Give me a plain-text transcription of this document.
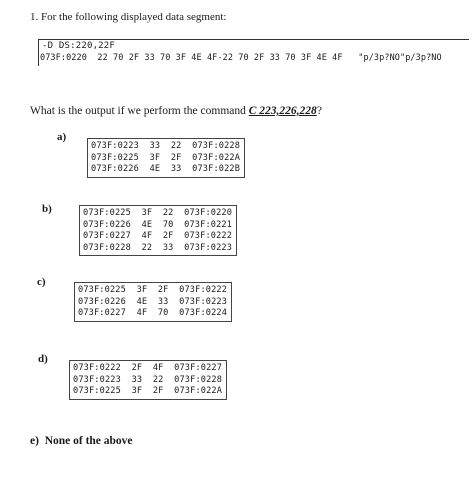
1. For the following displayed data segment:
-D DS:220,22F
073F:0220  22 70 2F 33 70 3F 4E 4F-22 70 2F 33 70 3F 4E 4F   "p/3p?NO"p/3p?NO
What is the output if we perform the command C 223,226,228?
a)
073F:0223  33  22  073F:0228
073F:0225  3F  2F  073F:022A
073F:0226  4E  33  073F:022B
b)	073F:0225  3F  22  073F:0220
073F:0226  4E  70  073F:0221
073F:0227  4F  2F  073F:0222
073F:0228  22  33  073F:0223
c)
073F:0225  3F  2F  073F:0222
073F:0226  4E  33  073F:0223
073F:0227  4F  70  073F:0224
d)
073F:0222  2F  4F  073F:0227
073F:0223  33  22  073F:0228
073F:0225  3F  2F  073F:022A
e) None of the above
